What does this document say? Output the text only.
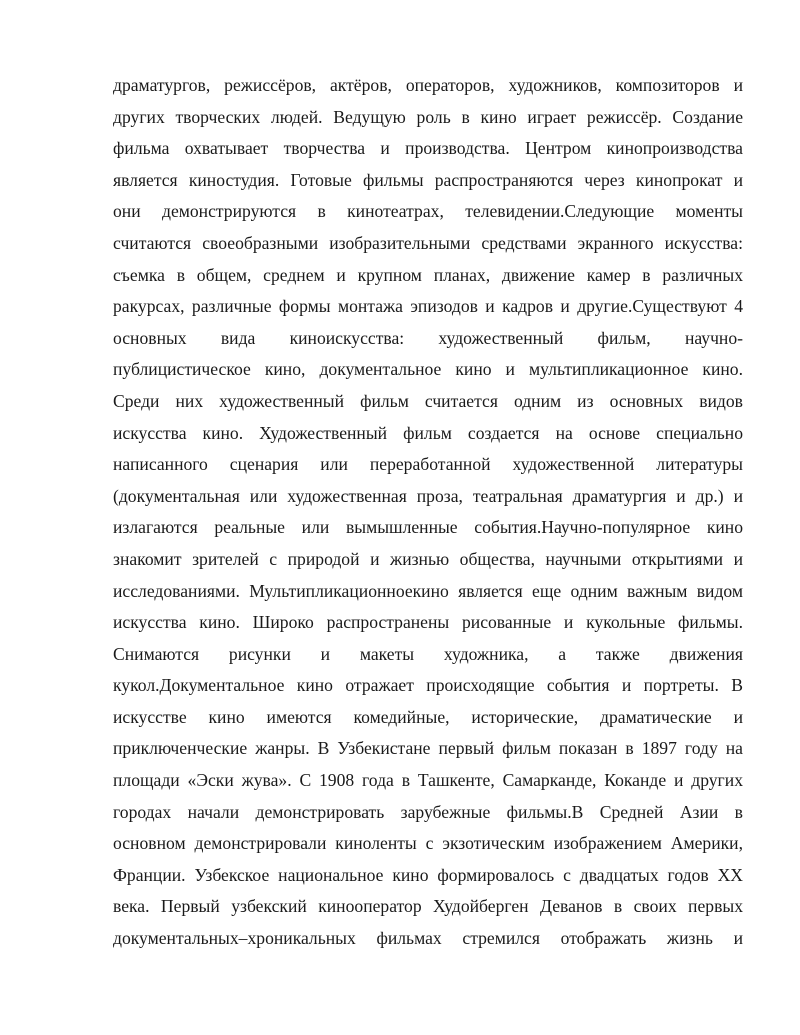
драматургов, режиссёров, актёров, операторов, художников, композиторов и
других творческих людей. Ведущую роль в кино играет режиссёр. Создание
фильма охватывает творчества и производства. Центром кинопроизводства
является киностудия. Готовые фильмы распространяются через кинопрокат и
они демонстрируются в кинотеатрах, телевидении.Следующие моменты
считаются своеобразными изобразительными средствами экранного искусства:
съемка в общем, среднем и крупном планах, движение камер в различных
ракурсах, различные формы монтажа эпизодов и кадров и другие.Существуют 4
основных вида киноискусства: художественный фильм, научно-
публицистическое кино, документальное кино и мультипликационное кино.
Среди них художественный фильм считается одним из основных видов
искусства кино. Художественный фильм создается на основе специально
написанного сценария или переработанной художественной литературы
(документальная или художественная проза, театральная драматургия и др.) и
излагаются реальные или вымышленные события.Научно-популярное кино
знакомит зрителей с природой и жизнью общества, научными открытиями и
исследованиями. Мультипликационноекино является еще одним важным видом
искусства кино. Широко распространены рисованные и кукольные фильмы.
Снимаются рисунки и макеты художника, а также движения
кукол.Документальное кино отражает происходящие события и портреты. В
искусстве кино имеются комедийные, исторические, драматические и
приключенческие жанры. В Узбекистане первый фильм показан в 1897 году на
площади «Эски жува». С 1908 года в Ташкенте, Самарканде, Коканде и других
городах начали демонстрировать зарубежные фильмы.В Средней Азии в
основном демонстрировали киноленты с экзотическим изображением Америки,
Франции. Узбекское национальное кино формировалось с двадцатых годов XX
века. Первый узбекский кинооператор Худойберген Деванов в своих первых
документальных–хроникальных фильмах стремился отображать жизнь и
